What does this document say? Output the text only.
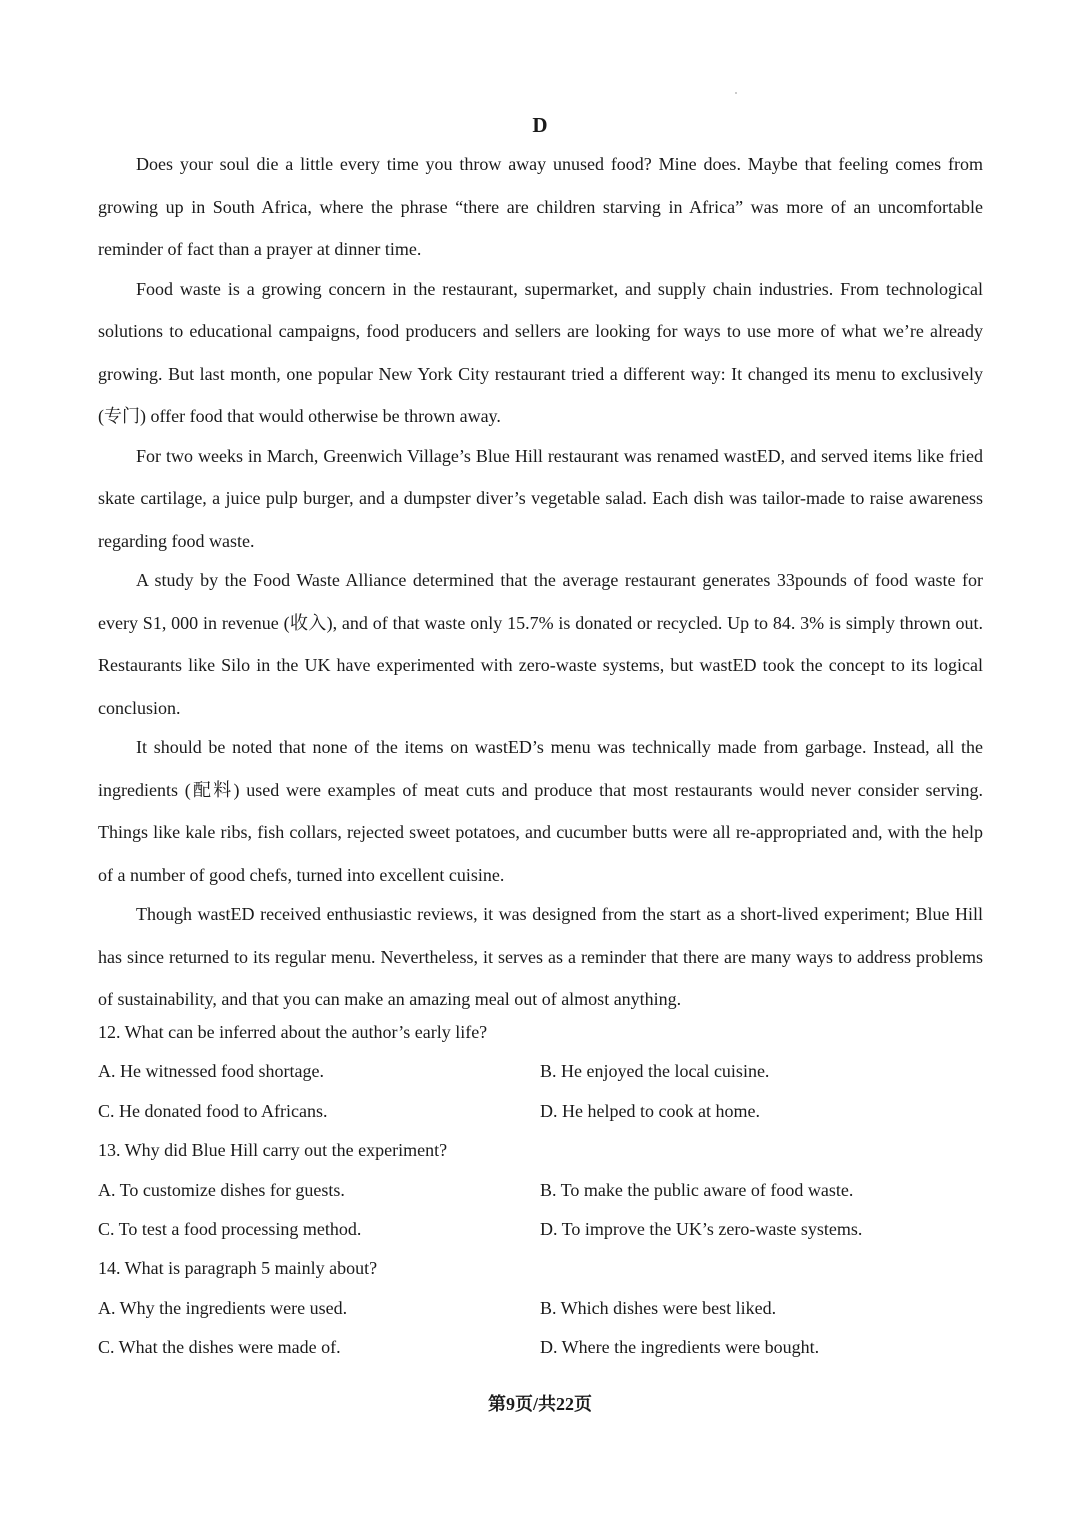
D

Does your soul die a little every time you throw away unused food? Mine does. Maybe that feeling comes from growing up in South Africa, where the phrase “there are children starving in Africa” was more of an uncomfortable reminder of fact than a prayer at dinner time.

Food waste is a growing concern in the restaurant, supermarket, and supply chain industries. From technological solutions to educational campaigns, food producers and sellers are looking for ways to use more of what we’re already growing. But last month, one popular New York City restaurant tried a different way: It changed its menu to exclusively (专门) offer food that would otherwise be thrown away.

For two weeks in March, Greenwich Village’s Blue Hill restaurant was renamed wastED, and served items like fried skate cartilage, a juice pulp burger, and a dumpster diver’s vegetable salad. Each dish was tailor-made to raise awareness regarding food waste.

A study by the Food Waste Alliance determined that the average restaurant generates 33pounds of food waste for every S1, 000 in revenue (收入), and of that waste only 15.7% is donated or recycled. Up to 84. 3% is simply thrown out. Restaurants like Silo in the UK have experimented with zero-waste systems, but wastED took the concept to its logical conclusion.

It should be noted that none of the items on wastED’s menu was technically made from garbage. Instead, all the ingredients (配料) used were examples of meat cuts and produce that most restaurants would never consider serving. Things like kale ribs, fish collars, rejected sweet potatoes, and cucumber butts were all re-appropriated and, with the help of a number of good chefs, turned into excellent cuisine.

Though wastED received enthusiastic reviews, it was designed from the start as a short-lived experiment; Blue Hill has since returned to its regular menu. Nevertheless, it serves as a reminder that there are many ways to address problems of sustainability, and that you can make an amazing meal out of almost anything.

12. What can be inferred about the author’s early life?
A. He witnessed food shortage.	B. He enjoyed the local cuisine.
C. He donated food to Africans.	D. He helped to cook at home.
13. Why did Blue Hill carry out the experiment?
A. To customize dishes for guests.	B. To make the public aware of food waste.
C. To test a food processing method.	D. To improve the UK’s zero-waste systems.
14. What is paragraph 5 mainly about?
A. Why the ingredients were used.	B. Which dishes were best liked.
C. What the dishes were made of.	D. Where the ingredients were bought.
第9页/共22页
